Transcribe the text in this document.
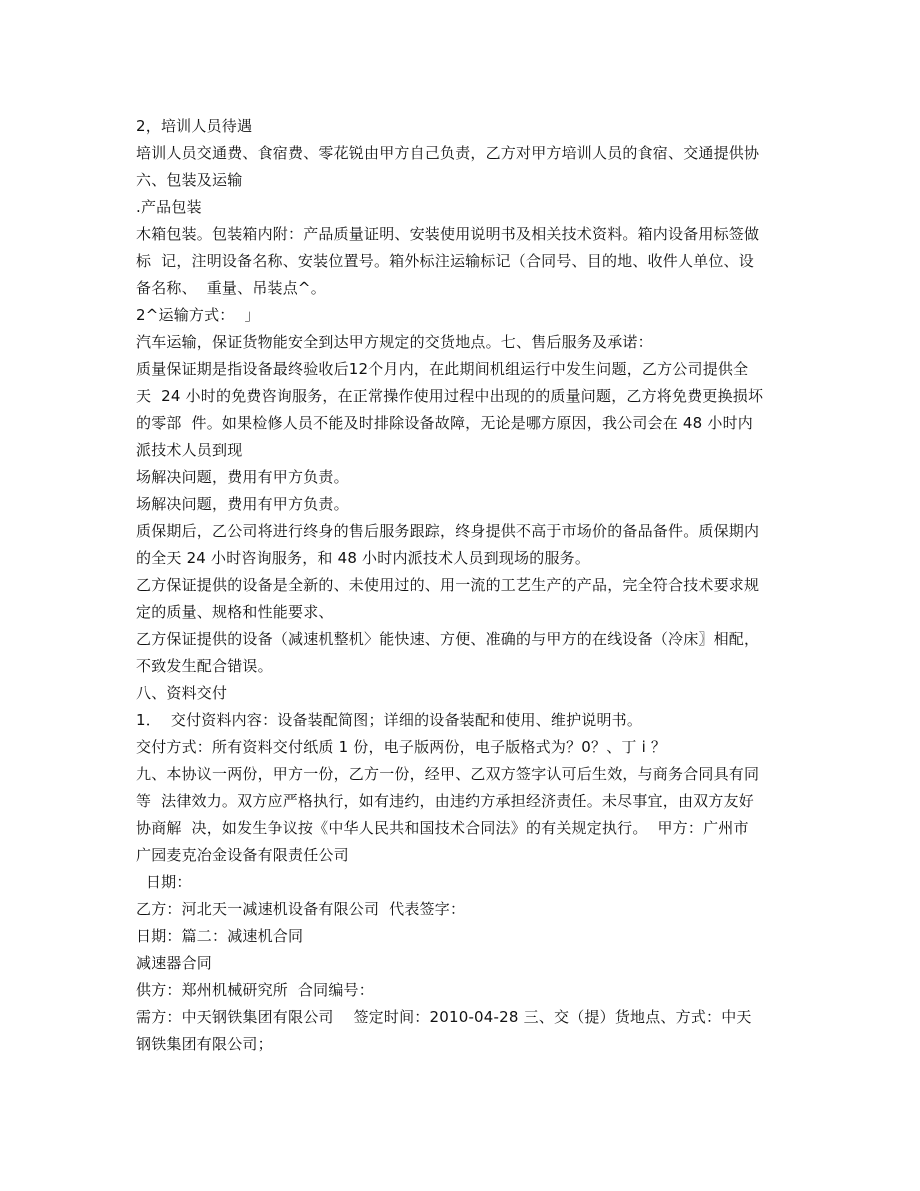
2，培训人员待遇
培训人员交通费、食宿费、零花锐由甲方自己负责，乙方对甲方培训人员的食宿、交通提供协
六、包装及运输
.产品包装
木箱包装。包装箱内附：产品质量证明、安装使用说明书及相关技术资料。箱内设备用标签做
标  记，注明设备名称、安装位置号。箱外标注运输标记（合同号、目的地、收件人单位、设
备名称、  重量、吊装点^。
2^运输方式：  」
汽车运输，保证货物能安全到达甲方规定的交货地点。七、售后服务及承诺：
质量保证期是指设备最终验收后12个月内，在此期间机组运行中发生问题，乙方公司提供全
天  24 小时的免费咨询服务，在正常操作使用过程中出现的的质量问题，乙方将免费更换损坏
的零部  件。如果检修人员不能及时排除设备故障，无论是哪方原因，我公司会在 48 小时内
派技术人员到现
场解决问题，费用有甲方负责。
场解决问题，费用有甲方负责。
质保期后，乙公司将进行终身的售后服务跟踪，终身提供不高于市场价的备品备件。质保期内
的全天 24 小时咨询服务，和 48 小时内派技术人员到现场的服务。
乙方保证提供的设备是全新的、未使用过的、用一流的工艺生产的产品，完全符合技术要求规
定的质量、规格和性能要求、
乙方保证提供的设备（减速机整机〉能快速、方便、准确的与甲方的在线设备（冷床〗相配，
不致发生配合错误。
八、资料交付
1．  交付资料内容：设备装配简图；详细的设备装配和使用、维护说明书。
交付方式：所有资料交付纸质 1 份，电子版两份，电子版格式为？0？、丁 i ？
九、本协议一两份，甲方一份，乙方一份，经甲、乙双方签字认可后生效，与商务合同具有同
等  法律效力。双方应严格执行，如有违约，由违约方承担经济责任。未尽事宜，由双方友好
协商解  决，如发生争议按《中华人民共和国技术合同法》的有关规定执行。  甲方：广州市
广园麦克冶金设备有限责任公司
日期：
乙方：河北天一减速机设备有限公司  代表签字：
日期：篇二：减速机合同
减速器合同
供方：郑州机械研究所  合同编号：
需方：中天钢铁集团有限公司    签定时间：2010-04-28 三、交（提）货地点、方式：中天
钢铁集团有限公司；
